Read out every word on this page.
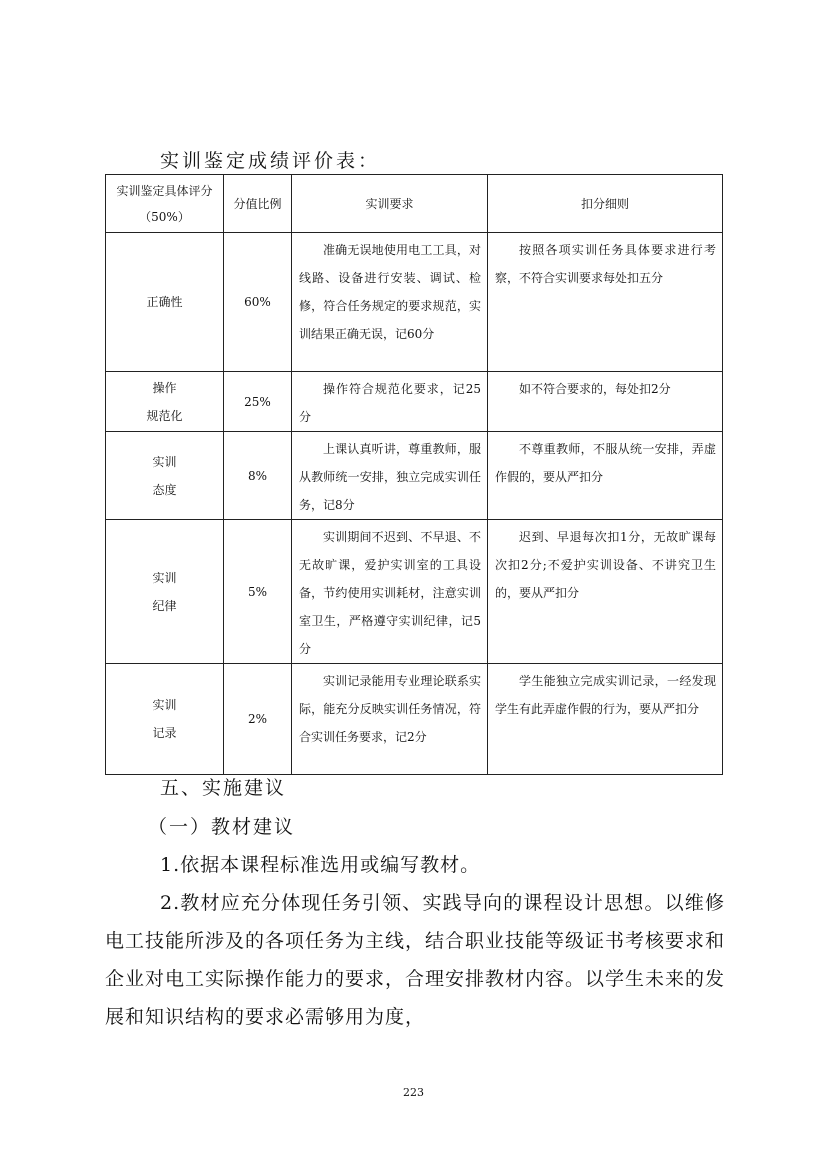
实训鉴定成绩评价表：
实训鉴定具体评分（50%）	分值比例	实训要求	扣分细则

正确性	60%	准确无误地使用电工工具，对线路、设备进行安装、调试、检修，符合任务规定的要求规范，实训结果正确无误，记60分	按照各项实训任务具体要求进行考察，不符合实训要求每处扣五分

操作
规范化	25%	操作符合规范化要求，记25分	如不符合要求的，每处扣2分

实训
态度	8%	上课认真听讲，尊重教师，服从教师统一安排，独立完成实训任务，记8分	不尊重教师，不服从统一安排，弄虚作假的，要从严扣分

实训
纪律	5%	实训期间不迟到、不早退、不无故旷课，爱护实训室的工具设备，节约使用实训耗材，注意实训室卫生，严格遵守实训纪律，记5分	迟到、早退每次扣1分，无故旷课每次扣2分;不爱护实训设备、不讲究卫生的，要从严扣分

实训
记录	2%	实训记录能用专业理论联系实际，能充分反映实训任务情况，符合实训任务要求，记2分	学生能独立完成实训记录，一经发现学生有此弄虚作假的行为，要从严扣分
五、实施建议
（一）教材建议
1.依据本课程标准选用或编写教材。

2.教材应充分体现任务引领、实践导向的课程设计思想。以维修电工技能所涉及的各项任务为主线，结合职业技能等级证书考核要求和企业对电工实际操作能力的要求，合理安排教材内容。以学生未来的发展和知识结构的要求必需够用为度，

223
